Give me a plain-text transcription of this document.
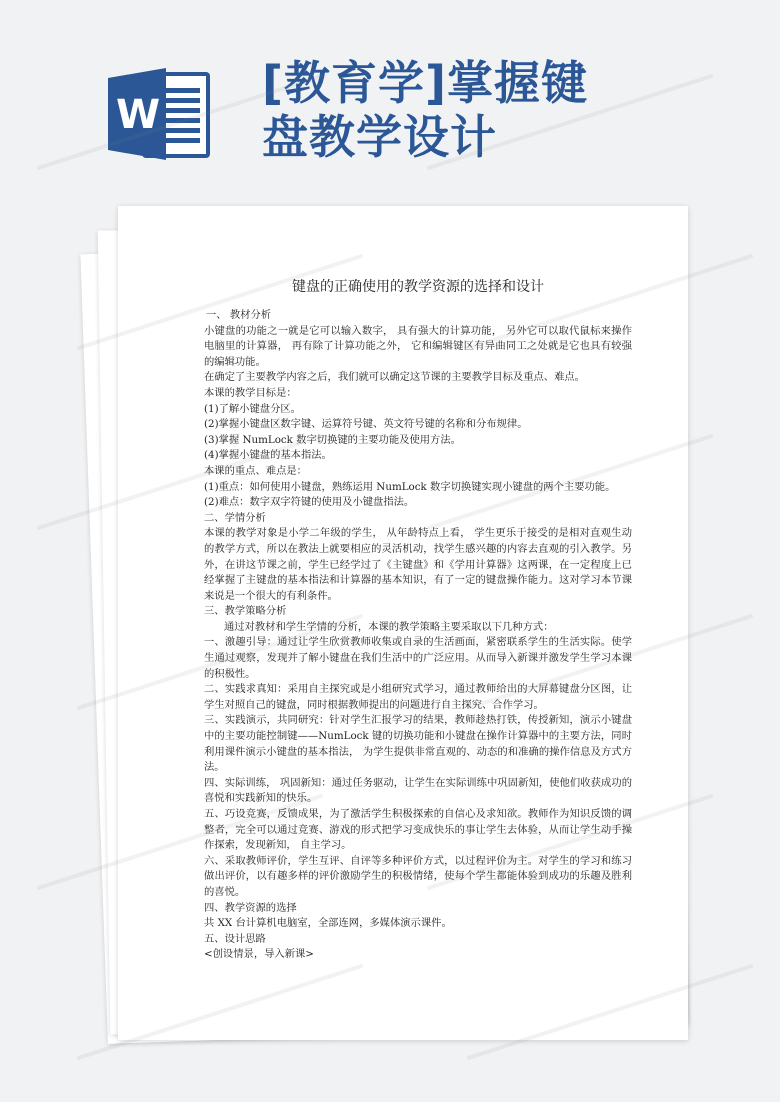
W
[教育学]掌握键
盘教学设计
键盘的正确使用的教学资源的选择和设计

一、 教材分析

小键盘的功能之一就是它可以输入数字， 具有强大的计算功能， 另外它可以取代鼠标来操作电脑里的计算器， 再有除了计算功能之外， 它和编辑键区有异曲同工之处就是它也具有较强的编辑功能。

在确定了主要教学内容之后，我们就可以确定这节课的主要教学目标及重点、难点。

本课的教学目标是：

(1)了解小键盘分区。

(2)掌握小键盘区数字键、运算符号键、英文符号键的名称和分布规律。

(3)掌握 NumLock 数字切换键的主要功能及使用方法。

(4)掌握小键盘的基本指法。

本课的重点、难点是：

(1)重点：如何使用小键盘，熟练运用 NumLock 数字切换键实现小键盘的两个主要功能。

(2)难点：数字双字符键的使用及小键盘指法。

二、学情分析

本课的教学对象是小学二年级的学生， 从年龄特点上看， 学生更乐于接受的是相对直观生动的教学方式，所以在教法上就要相应的灵活机动，找学生感兴趣的内容去直观的引入教学。另外，在讲这节课之前，学生已经学过了《主键盘》和《学用计算器》这两课，在一定程度上已经掌握了主键盘的基本指法和计算器的基本知识，有了一定的键盘操作能力。这对学习本节课来说是一个很大的有利条件。

三、教学策略分析

通过对教材和学生学情的分析，本课的教学策略主要采取以下几种方式：

一、激趣引导：通过让学生欣赏教师收集或自录的生活画面，紧密联系学生的生活实际。使学生通过观察，发现并了解小键盘在我们生活中的广泛应用。从而导入新课并激发学生学习本课的积极性。

二、实践求真知：采用自主探究或是小组研究式学习，通过教师给出的大屏幕键盘分区图，让学生对照自己的键盘，同时根据教师提出的问题进行自主探究、合作学习。

三、实践演示，共同研究：针对学生汇报学习的结果，教师趁热打铁，传授新知，演示小键盘中的主要功能控制键——NumLock 键的切换功能和小键盘在操作计算器中的主要方法，同时利用课件演示小键盘的基本指法， 为学生提供非常直观的、动态的和准确的操作信息及方式方法。

四、实际训练， 巩固新知：通过任务驱动，让学生在实际训练中巩固新知，使他们收获成功的喜悦和实践新知的快乐。

五、巧设竞赛，反馈成果，为了激活学生积极探索的自信心及求知欲。教师作为知识反馈的调整者，完全可以通过竞赛、游戏的形式把学习变成快乐的事让学生去体验，从而让学生动手操作探索，发现新知， 自主学习。

六、采取教师评价，学生互评、自评等多种评价方式，以过程评价为主。对学生的学习和练习做出评价，以有趣多样的评价激励学生的积极情绪，使每个学生都能体验到成功的乐趣及胜利的喜悦。

四、教学资源的选择

共 XX 台计算机电脑室，全部连网，多媒体演示课件。

五、设计思路

<创设情景，导入新课>
